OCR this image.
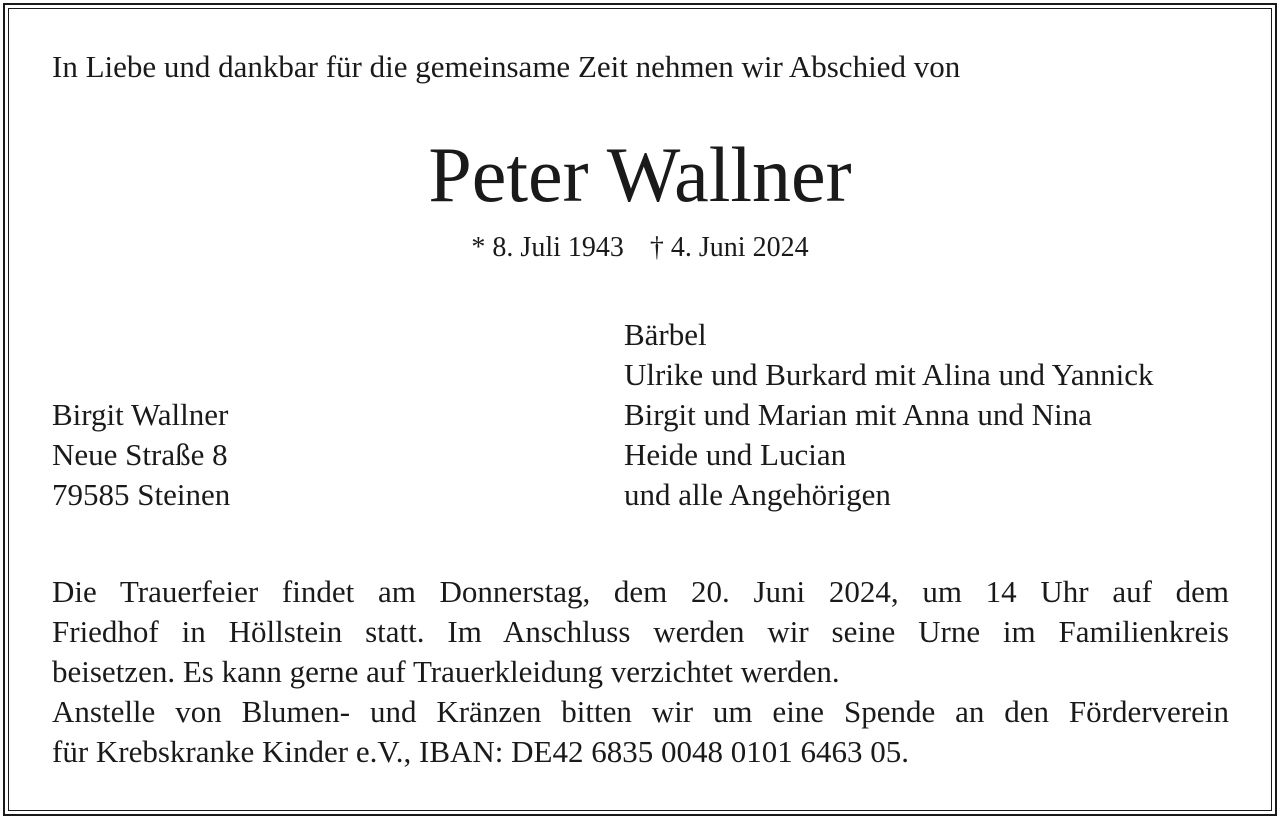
In Liebe und dankbar für die gemeinsame Zeit nehmen wir Abschied von
Peter Wallner
* 8. Juli 1943 † 4. Juni 2024
Birgit Wallner
Neue Straße 8
79585 Steinen
Bärbel
Ulrike und Burkard mit Alina und Yannick
Birgit und Marian mit Anna und Nina
Heide und Lucian
und alle Angehörigen
Die Trauerfeier findet am Donnerstag, dem 20. Juni 2024, um 14 Uhr auf dem
Friedhof in Höllstein statt. Im Anschluss werden wir seine Urne im Familienkreis
beisetzen. Es kann gerne auf Trauerkleidung verzichtet werden.
Anstelle von Blumen- und Kränzen bitten wir um eine Spende an den Förderverein
für Krebskranke Kinder e.V., IBAN: DE42 6835 0048 0101 6463 05.
